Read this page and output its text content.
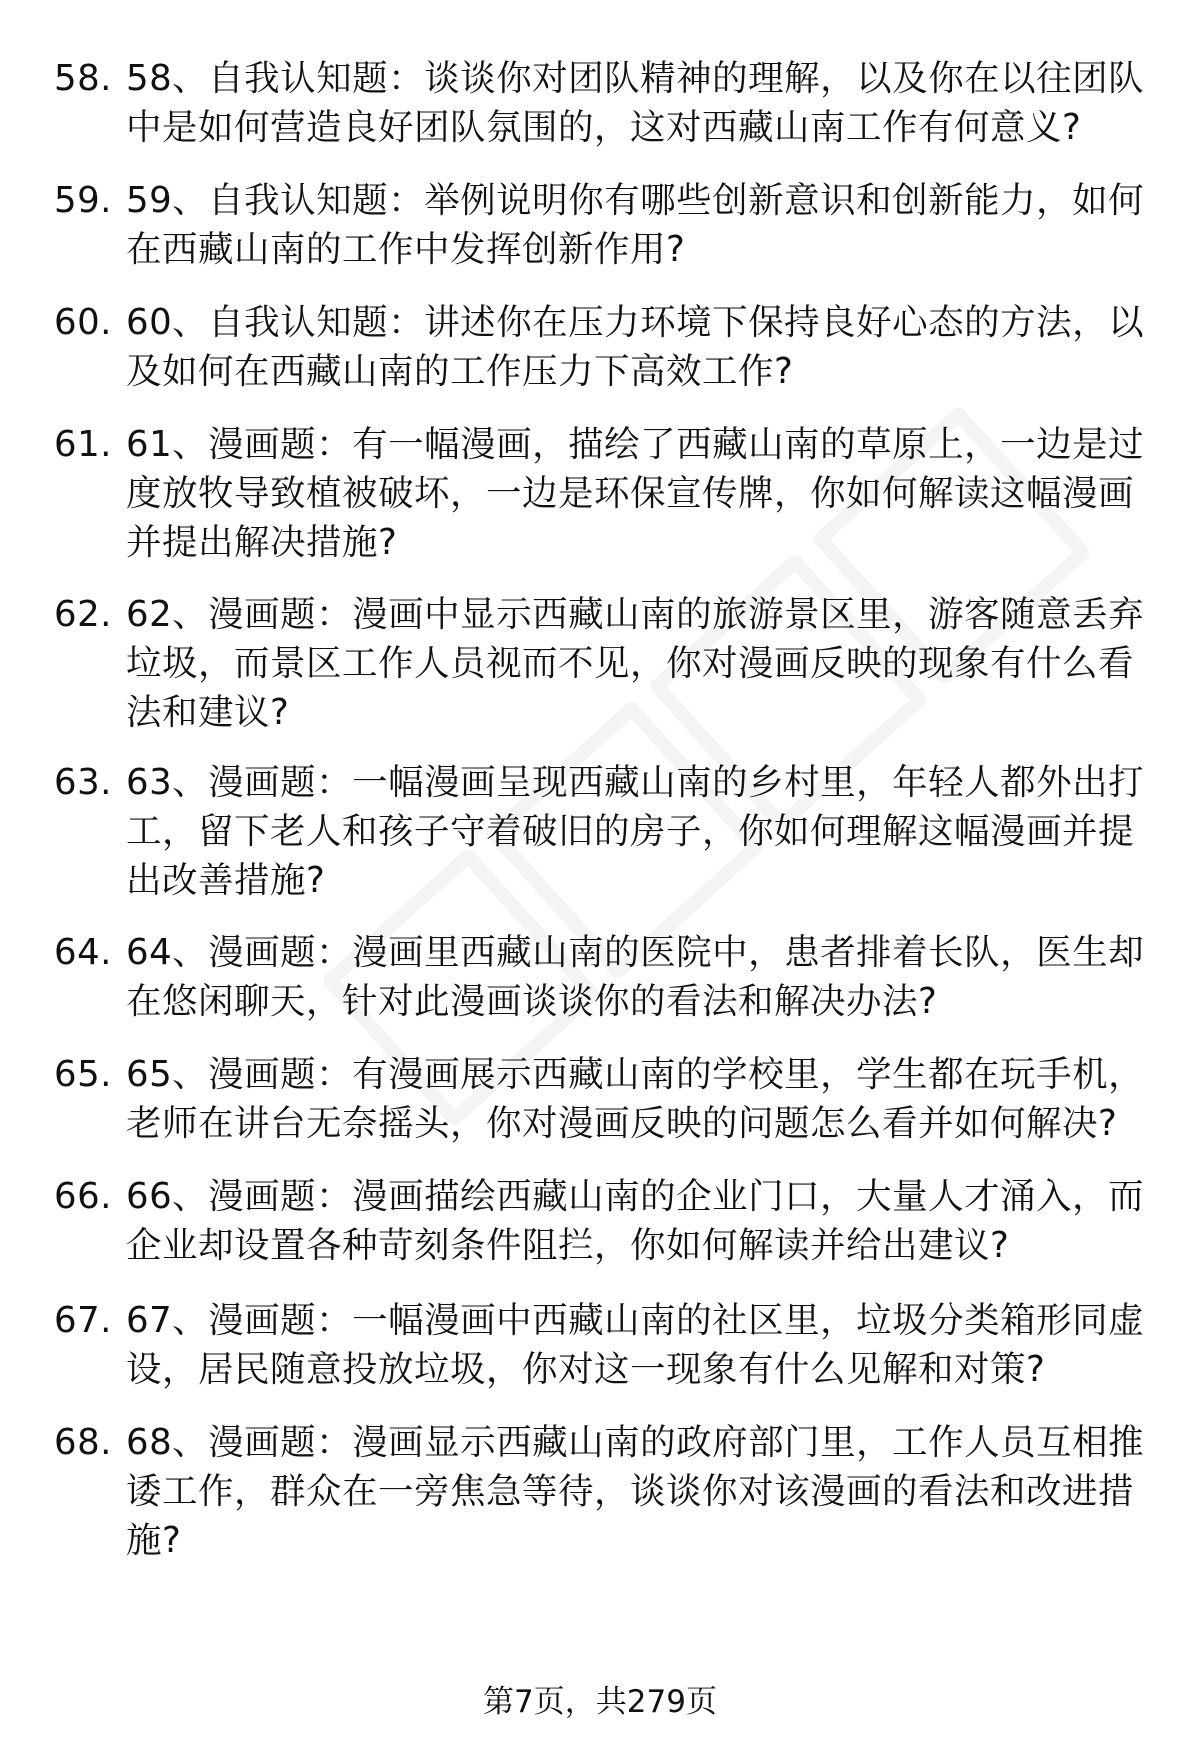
58. 58、自我认知题：谈谈你对团队精神的理解，以及你在以往团队中是如何营造良好团队氛围的，这对西藏山南工作有何意义?
59. 59、自我认知题：举例说明你有哪些创新意识和创新能力，如何在西藏山南的工作中发挥创新作用?
60. 60、自我认知题：讲述你在压力环境下保持良好心态的方法，以及如何在西藏山南的工作压力下高效工作?
61. 61、漫画题：有一幅漫画，描绘了西藏山南的草原上，一边是过度放牧导致植被破坏，一边是环保宣传牌，你如何解读这幅漫画并提出解决措施?
62. 62、漫画题：漫画中显示西藏山南的旅游景区里，游客随意丢弃垃圾，而景区工作人员视而不见，你对漫画反映的现象有什么看法和建议?
63. 63、漫画题：一幅漫画呈现西藏山南的乡村里，年轻人都外出打工，留下老人和孩子守着破旧的房子，你如何理解这幅漫画并提出改善措施?
64. 64、漫画题：漫画里西藏山南的医院中，患者排着长队，医生却在悠闲聊天，针对此漫画谈谈你的看法和解决办法?
65. 65、漫画题：有漫画展示西藏山南的学校里，学生都在玩手机，老师在讲台无奈摇头，你对漫画反映的问题怎么看并如何解决?
66. 66、漫画题：漫画描绘西藏山南的企业门口，大量人才涌入，而企业却设置各种苛刻条件阻拦，你如何解读并给出建议?
67. 67、漫画题：一幅漫画中西藏山南的社区里，垃圾分类箱形同虚设，居民随意投放垃圾，你对这一现象有什么见解和对策?
68. 68、漫画题：漫画显示西藏山南的政府部门里，工作人员互相推诿工作，群众在一旁焦急等待，谈谈你对该漫画的看法和改进措施?
第7页，共279页
